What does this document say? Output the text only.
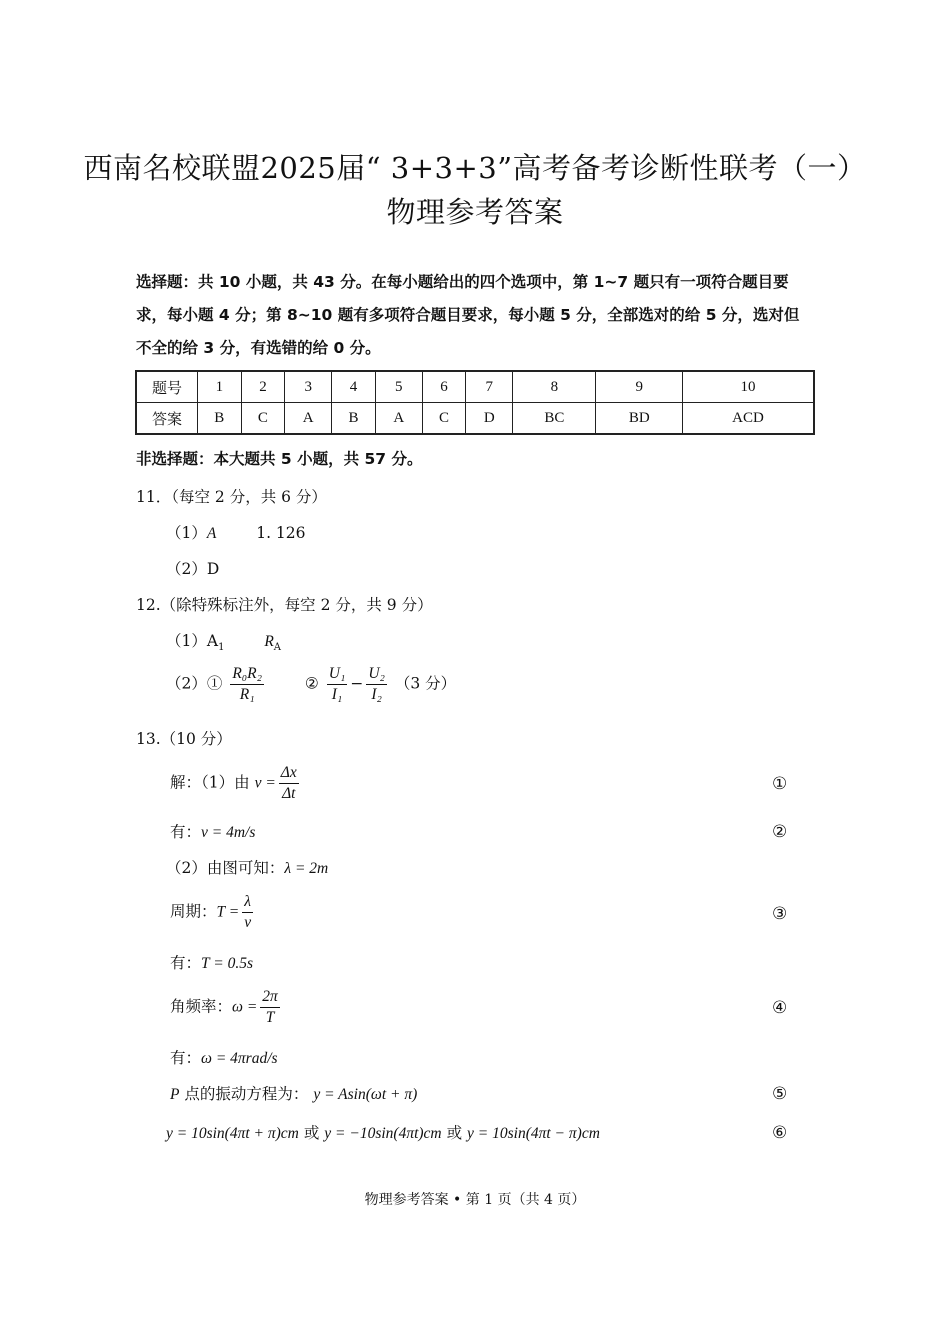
西南名校联盟2025届“ 3+3+3”高考备考诊断性联考（一）
物理参考答案
选择题：共 10 小题，共 43 分。在每小题给出的四个选项中，第 1~7 题只有一项符合题目要
求，每小题 4 分；第 8~10 题有多项符合题目要求，每小题 5 分，全部选对的给 5 分，选对但
不全的给 3 分，有选错的给 0 分。
题号	1	2	3	4	5	6	7	8	9	10
答案	B	C	A	B	A	C	D	BC	BD	ACD
非选择题：本大题共 5 小题，共 57 分。
11．（每空 2 分，共 6 分）
（1）A	1. 126
（2）D
12.（除特殊标注外，每空 2 分，共 9 分）
$(1)A_1$	$R_A$
（2）① $\frac{\text{R₀R₂}}{\text{R₁}}$	② $\frac{\text{U₁}}{\text{I₁}} - \frac{\text{U₂}}{\text{I₂}} (3$ 分）
13.（10 分）
解：（1）由 $v = \frac{\Delta x}{\Delta t}$	①
有：v = 4m/s	②
（2）由图可知：λ = 2m
周期：$T = \frac{\lambda}{v}$	③
有：T = 0.5s
角频率：$\omega = \frac{2\pi}{T}$	④
有：ω = 4πrad/s
P 点的振动方程为： y = Asin(ωt + π)	⑤
y = 10sin(4πt + π)cm 或 y = −10sin(4πt)cm 或 y = 10sin(4πt − π)cm	⑥
物理参考答案 • 第 1 页（共 4 页）
